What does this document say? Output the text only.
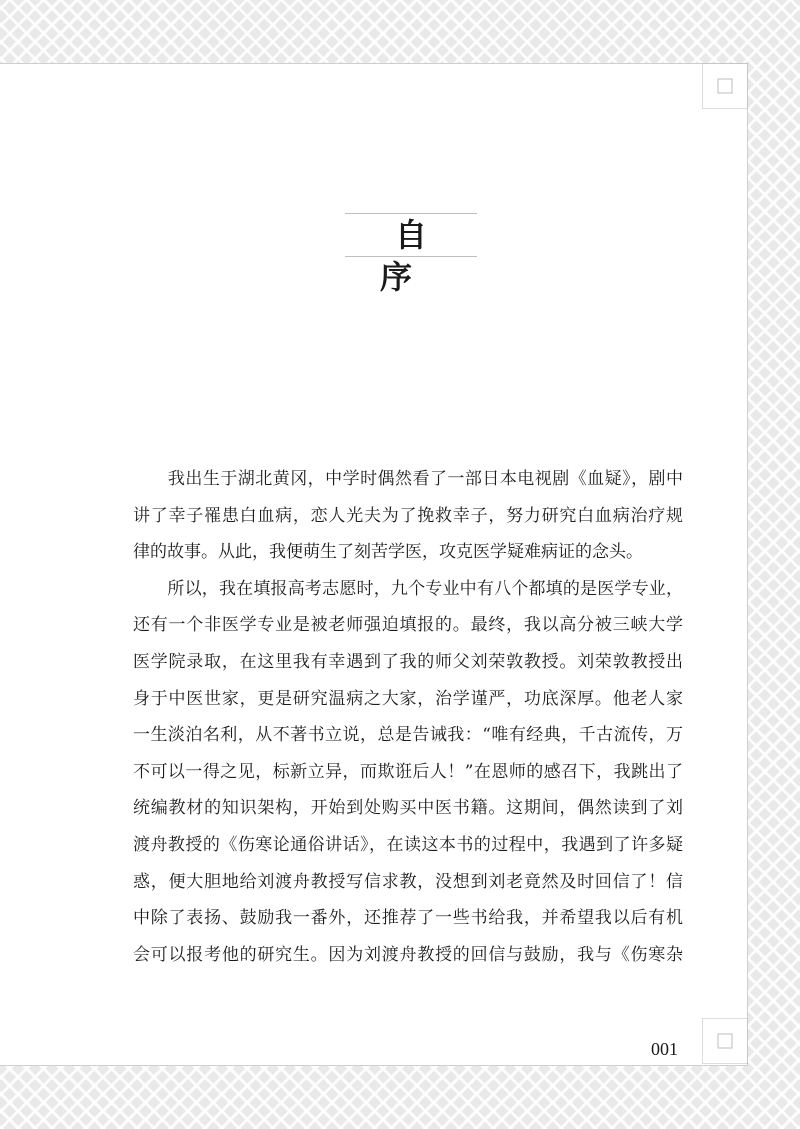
自 序
　　我出生于湖北黄冈，中学时偶然看了一部日本电视剧《血疑》，剧中
讲了幸子罹患白血病，恋人光夫为了挽救幸子，努力研究白血病治疗规
律的故事。从此，我便萌生了刻苦学医，攻克医学疑难病证的念头。
　　所以，我在填报高考志愿时，九个专业中有八个都填的是医学专业，
还有一个非医学专业是被老师强迫填报的。最终，我以高分被三峡大学
医学院录取，在这里我有幸遇到了我的师父刘荣敦教授。刘荣敦教授出
身于中医世家，更是研究温病之大家，治学谨严，功底深厚。他老人家
一生淡泊名利，从不著书立说，总是告诫我：“唯有经典，千古流传，万
不可以一得之见，标新立异，而欺诳后人！”在恩师的感召下，我跳出了
统编教材的知识架构，开始到处购买中医书籍。这期间，偶然读到了刘
渡舟教授的《伤寒论通俗讲话》，在读这本书的过程中，我遇到了许多疑
惑，便大胆地给刘渡舟教授写信求教，没想到刘老竟然及时回信了！信
中除了表扬、鼓励我一番外，还推荐了一些书给我，并希望我以后有机
会可以报考他的研究生。因为刘渡舟教授的回信与鼓励，我与《伤寒杂
001
